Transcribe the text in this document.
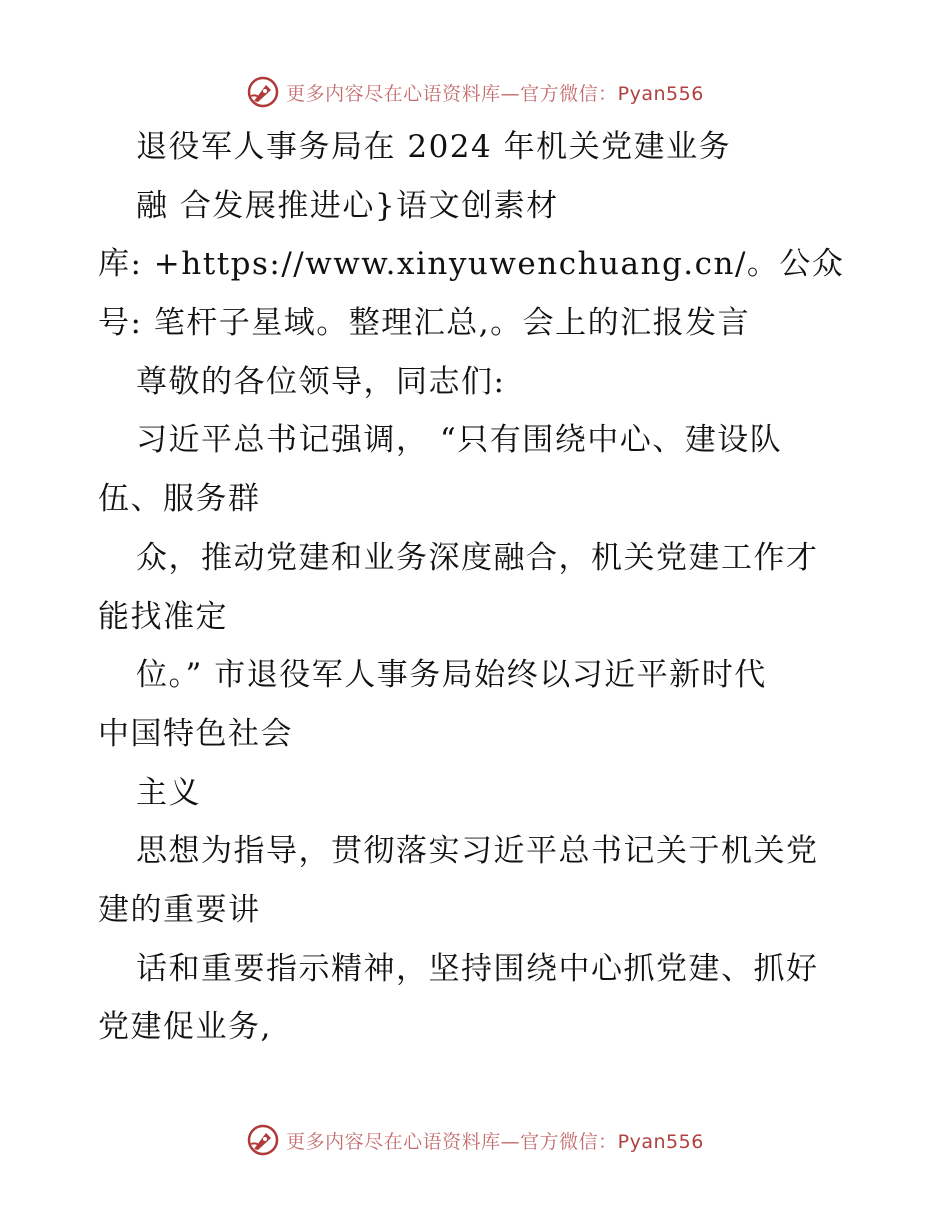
更多内容尽在心语资料库—官方微信：Pyan556
退役军人事务局在 2024 年机关党建业务
融 合发展推进心}语文创素材
库: +https://www.xinyuwenchuang.cn/。公众
号: 笔杆子星域。整理汇总,。会上的汇报发言
尊敬的各位领导，同志们:
习近平总书记强调， “只有围绕中心、建设队
伍、服务群
众，推动党建和业务深度融合，机关党建工作才
能找准定
位。” 市退役军人事务局始终以习近平新时代
中国特色社会
主义
思想为指导，贯彻落实习近平总书记关于机关党
建的重要讲
话和重要指示精神，坚持围绕中心抓党建、抓好
党建促业务,
更多内容尽在心语资料库—官方微信：Pyan556
